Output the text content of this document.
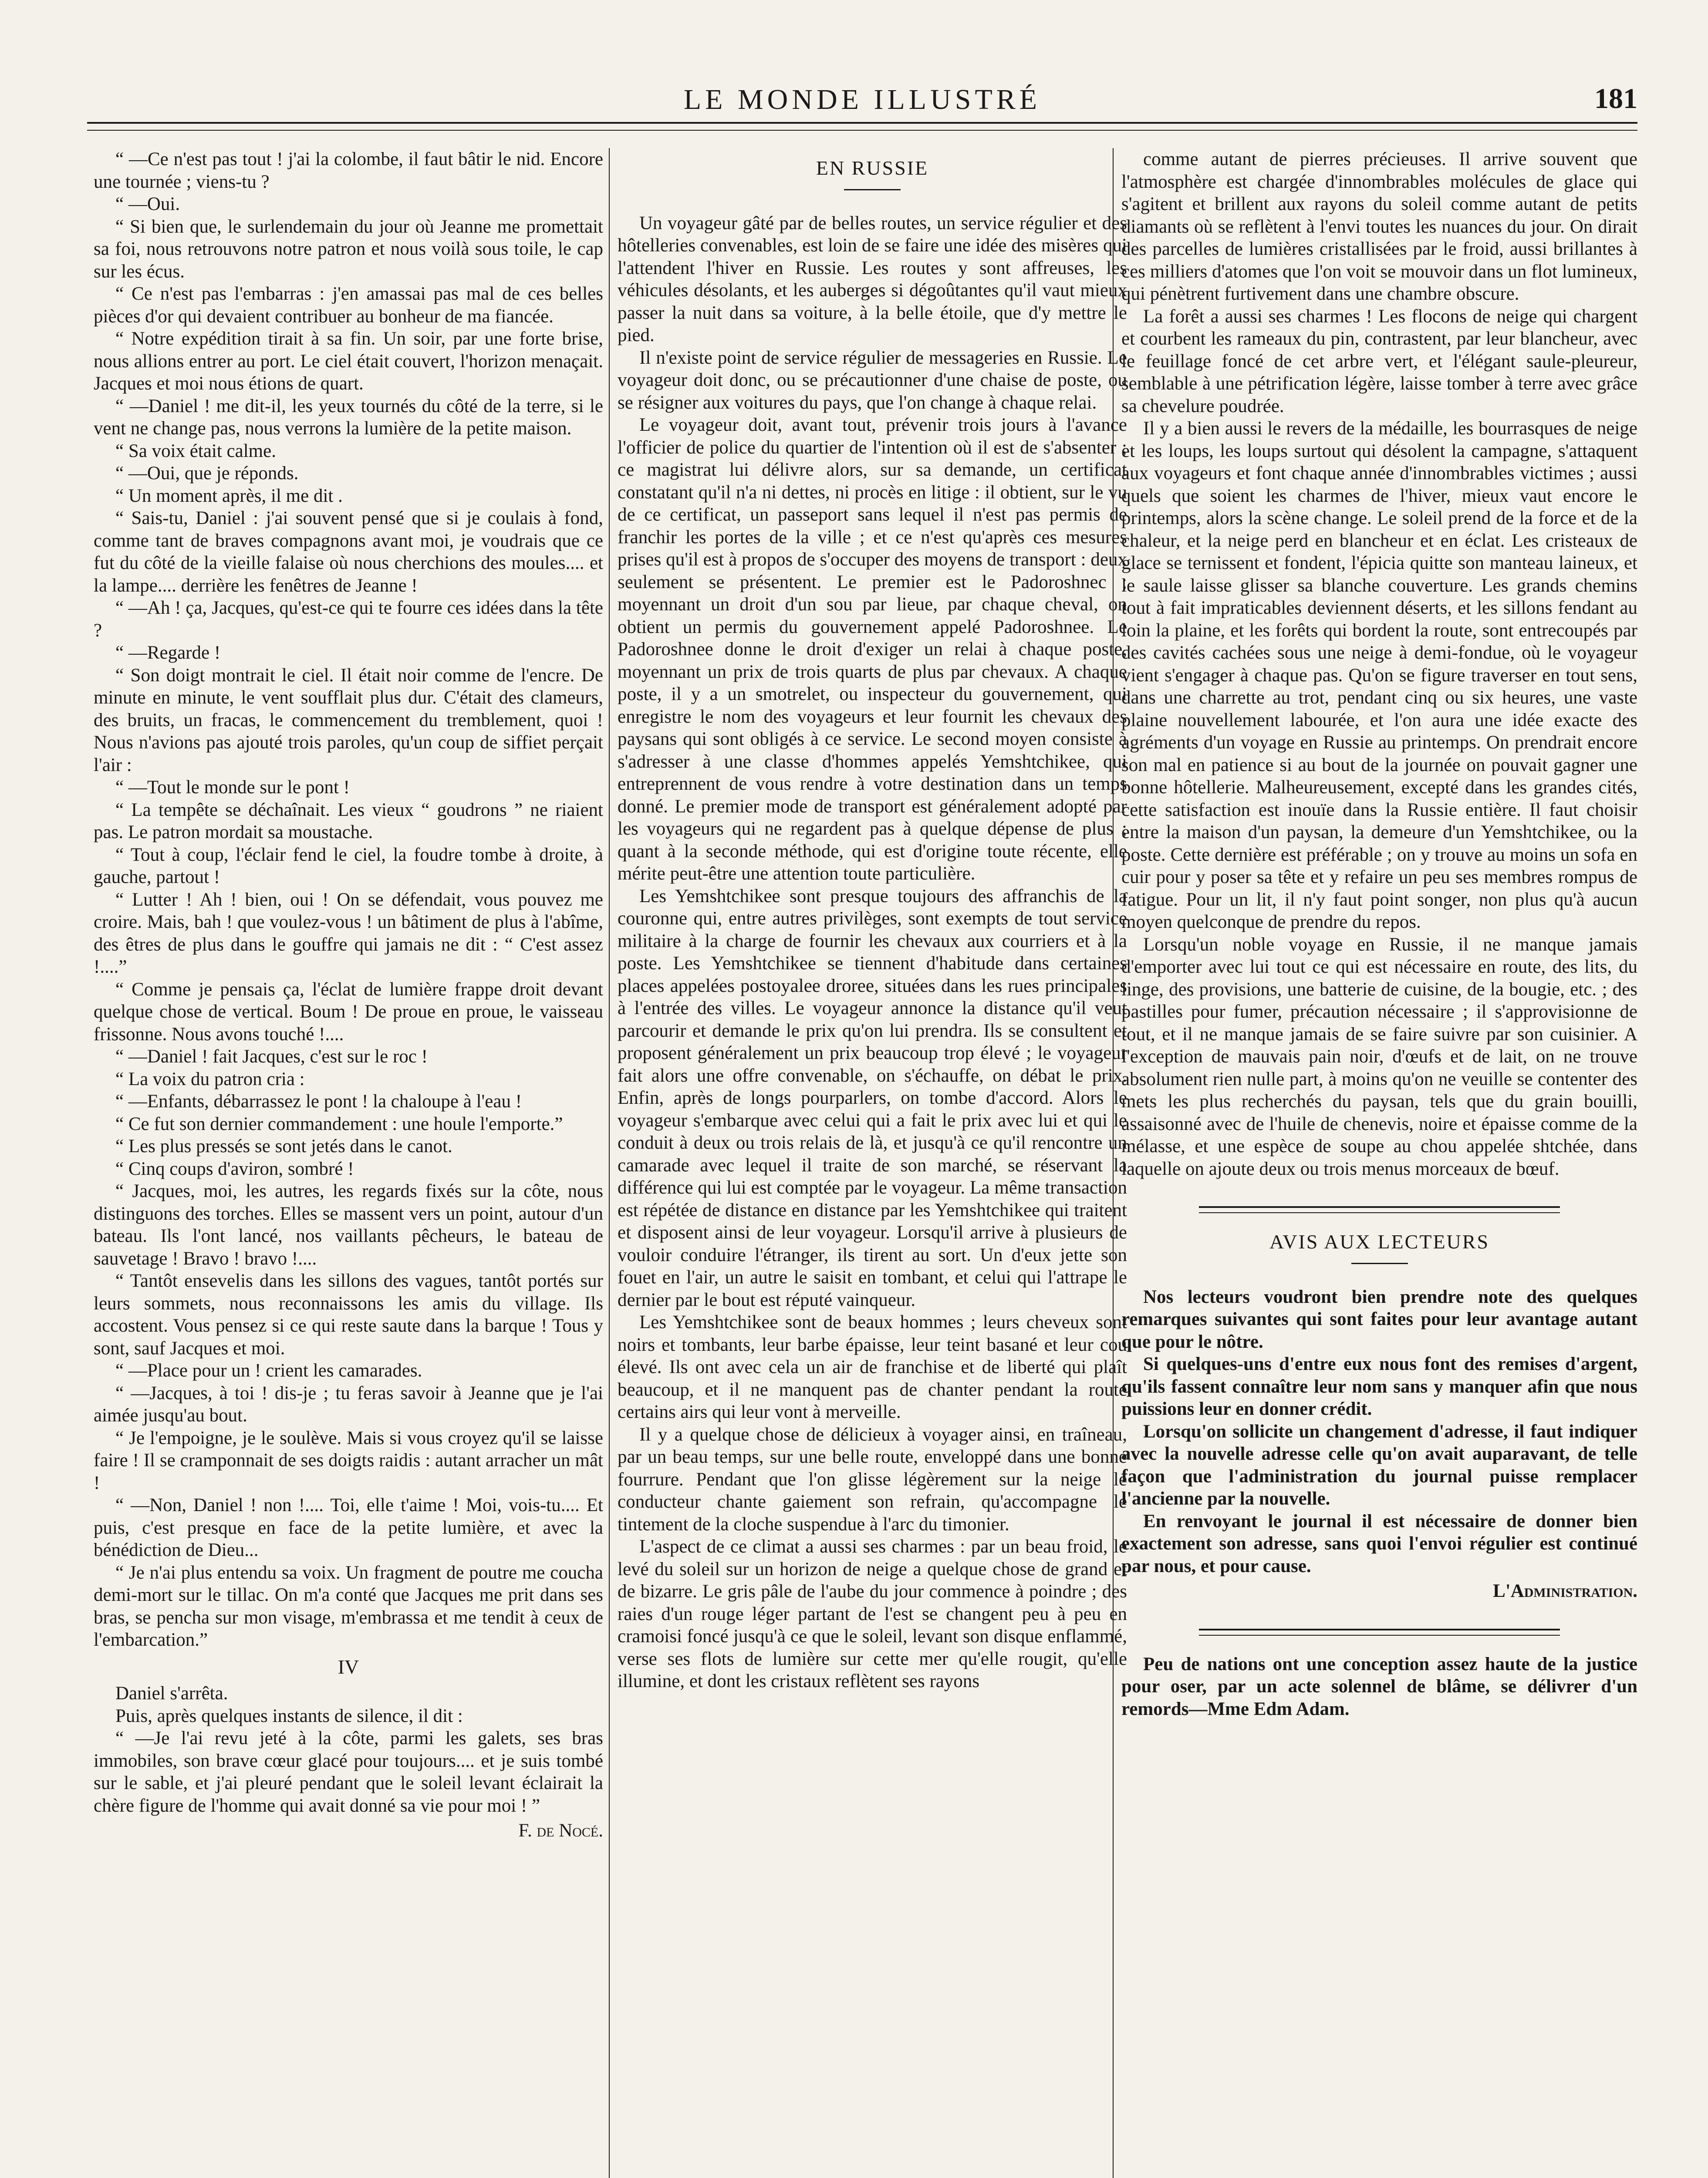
LE MONDE ILLUSTRÉ	181

“ —Ce n'est pas tout ! j'ai la colombe, il faut bâtir le nid. Encore une tournée ; viens-tu ?

“ —Oui.

“ Si bien que, le surlendemain du jour où Jeanne me promettait sa foi, nous retrouvons notre patron et nous voilà sous toile, le cap sur les écus.

“ Ce n'est pas l'embarras : j'en amassai pas mal de ces belles pièces d'or qui devaient contribuer au bonheur de ma fiancée.

“ Notre expédition tirait à sa fin. Un soir, par une forte brise, nous allions entrer au port. Le ciel était couvert, l'horizon menaçait. Jacques et moi nous étions de quart.

“ —Daniel ! me dit-il, les yeux tournés du côté de la terre, si le vent ne change pas, nous verrons la lumière de la petite maison.

“ Sa voix était calme.

“ —Oui, que je réponds.

“ Un moment après, il me dit .

“ Sais-tu, Daniel : j'ai souvent pensé que si je coulais à fond, comme tant de braves compagnons avant moi, je voudrais que ce fut du côté de la vieille falaise où nous cherchions des moules.... et la lampe.... derrière les fenêtres de Jeanne !

“ —Ah ! ça, Jacques, qu'est-ce qui te fourre ces idées dans la tête ?

“ —Regarde !

“ Son doigt montrait le ciel. Il était noir comme de l'encre. De minute en minute, le vent soufflait plus dur. C'était des clameurs, des bruits, un fracas, le commencement du tremblement, quoi ! Nous n'avions pas ajouté trois paroles, qu'un coup de siffiet perçait l'air :

“ —Tout le monde sur le pont !

“ La tempête se déchaînait. Les vieux “ goudrons ” ne riaient pas. Le patron mordait sa moustache.

“ Tout à coup, l'éclair fend le ciel, la foudre tombe à droite, à gauche, partout !

“ Lutter ! Ah ! bien, oui ! On se défendait, vous pouvez me croire. Mais, bah ! que voulez-vous ! un bâtiment de plus à l'abîme, des êtres de plus dans le gouffre qui jamais ne dit : “ C'est assez !....”

“ Comme je pensais ça, l'éclat de lumière frappe droit devant quelque chose de vertical. Boum ! De proue en proue, le vaisseau frissonne. Nous avons touché !....

“ —Daniel ! fait Jacques, c'est sur le roc !

“ La voix du patron cria :

“ —Enfants, débarrassez le pont ! la chaloupe à l'eau !

“ Ce fut son dernier commandement : une houle l'emporte.”

“ Les plus pressés se sont jetés dans le canot.

“ Cinq coups d'aviron, sombré !

“ Jacques, moi, les autres, les regards fixés sur la côte, nous distinguons des torches. Elles se massent vers un point, autour d'un bateau. Ils l'ont lancé, nos vaillants pêcheurs, le bateau de sauvetage ! Bravo ! bravo !....

“ Tantôt ensevelis dans les sillons des vagues, tantôt portés sur leurs sommets, nous reconnaissons les amis du village. Ils accostent. Vous pensez si ce qui reste saute dans la barque ! Tous y sont, sauf Jacques et moi.

“ —Place pour un ! crient les camarades.

“ —Jacques, à toi ! dis-je ; tu feras savoir à Jeanne que je l'ai aimée jusqu'au bout.

“ Je l'empoigne, je le soulève. Mais si vous croyez qu'il se laisse faire ! Il se cramponnait de ses doigts raidis : autant arracher un mât !

“ —Non, Daniel ! non !.... Toi, elle t'aime ! Moi, vois-tu.... Et puis, c'est presque en face de la petite lumière, et avec la bénédiction de Dieu...

“ Je n'ai plus entendu sa voix. Un fragment de poutre me coucha demi-mort sur le tillac. On m'a conté que Jacques me prit dans ses bras, se pencha sur mon visage, m'embrassa et me tendit à ceux de l'embarcation.”

IV

Daniel s'arrêta.

Puis, après quelques instants de silence, il dit :

“ —Je l'ai revu jeté à la côte, parmi les galets, ses bras immobiles, son brave cœur glacé pour toujours.... et je suis tombé sur le sable, et j'ai pleuré pendant que le soleil levant éclairait la chère figure de l'homme qui avait donné sa vie pour moi ! ”

F. de Nocé.
EN RUSSIE

Un voyageur gâté par de belles routes, un service régulier et des hôtelleries convenables, est loin de se faire une idée des misères qui l'attendent l'hiver en Russie. Les routes y sont affreuses, les véhicules désolants, et les auberges si dégoûtantes qu'il vaut mieux passer la nuit dans sa voiture, à la belle étoile, que d'y mettre le pied.

Il n'existe point de service régulier de messageries en Russie. Le voyageur doit donc, ou se précautionner d'une chaise de poste, ou se résigner aux voitures du pays, que l'on change à chaque relai.

Le voyageur doit, avant tout, prévenir trois jours à l'avance l'officier de police du quartier de l'intention où il est de s'absenter ; ce magistrat lui délivre alors, sur sa demande, un certificat constatant qu'il n'a ni dettes, ni procès en litige : il obtient, sur le vu de ce certificat, un passeport sans lequel il n'est pas permis de franchir les portes de la ville ; et ce n'est qu'après ces mesures prises qu'il est à propos de s'occuper des moyens de transport : deux seulement se présentent. Le premier est le Padoroshnec ; moyennant un droit d'un sou par lieue, par chaque cheval, on obtient un permis du gouvernement appelé Padoroshnee. Le Padoroshnee donne le droit d'exiger un relai à chaque poste, moyennant un prix de trois quarts de plus par chevaux. A chaque poste, il y a un smotrelet, ou inspecteur du gouvernement, qui enregistre le nom des voyageurs et leur fournit les chevaux des paysans qui sont obligés à ce service. Le second moyen consiste à s'adresser à une classe d'hommes appelés Yemshtchikee, qui entreprennent de vous rendre à votre destination dans un temps donné. Le premier mode de transport est généralement adopté par les voyageurs qui ne regardent pas à quelque dépense de plus ; quant à la seconde méthode, qui est d'origine toute récente, elle mérite peut-être une attention toute particulière.

Les Yemshtchikee sont presque toujours des affranchis de la couronne qui, entre autres privilèges, sont exempts de tout service militaire à la charge de fournir les chevaux aux courriers et à la poste. Les Yemshtchikee se tiennent d'habitude dans certaines places appelées postoyalee droree, situées dans les rues principales à l'entrée des villes. Le voyageur annonce la distance qu'il veut parcourir et demande le prix qu'on lui prendra. Ils se consultent et proposent généralement un prix beaucoup trop élevé ; le voyageur fait alors une offre convenable, on s'échauffe, on débat le prix. Enfin, après de longs pourparlers, on tombe d'accord. Alors le voyageur s'embarque avec celui qui a fait le prix avec lui et qui le conduit à deux ou trois relais de là, et jusqu'à ce qu'il rencontre un camarade avec lequel il traite de son marché, se réservant la différence qui lui est comptée par le voyageur. La même transaction est répétée de distance en distance par les Yemshtchikee qui traitent et disposent ainsi de leur voyageur. Lorsqu'il arrive à plusieurs de vouloir conduire l'étranger, ils tirent au sort. Un d'eux jette son fouet en l'air, un autre le saisit en tombant, et celui qui l'attrape le dernier par le bout est réputé vainqueur.

Les Yemshtchikee sont de beaux hommes ; leurs cheveux sont noirs et tombants, leur barbe épaisse, leur teint basané et leur cou élevé. Ils ont avec cela un air de franchise et de liberté qui plaît beaucoup, et il ne manquent pas de chanter pendant la route certains airs qui leur vont à merveille.

Il y a quelque chose de délicieux à voyager ainsi, en traîneau, par un beau temps, sur une belle route, enveloppé dans une bonne fourrure. Pendant que l'on glisse légèrement sur la neige le conducteur chante gaiement son refrain, qu'accompagne le tintement de la cloche suspendue à l'arc du timonier.

L'aspect de ce climat a aussi ses charmes : par un beau froid, le levé du soleil sur un horizon de neige a quelque chose de grand et de bizarre. Le gris pâle de l'aube du jour commence à poindre ; des raies d'un rouge léger partant de l'est se changent peu à peu en cramoisi foncé jusqu'à ce que le soleil, levant son disque enflammé, verse ses flots de lumière sur cette mer qu'elle rougit, qu'elle illumine, et dont les cristaux reflètent ses rayons

comme autant de pierres précieuses. Il arrive souvent que l'atmosphère est chargée d'innombrables molécules de glace qui s'agitent et brillent aux rayons du soleil comme autant de petits diamants où se reflètent à l'envi toutes les nuances du jour. On dirait des parcelles de lumières cristallisées par le froid, aussi brillantes à ces milliers d'atomes que l'on voit se mouvoir dans un flot lumineux, qui pénètrent furtivement dans une chambre obscure.

La forêt a aussi ses charmes ! Les flocons de neige qui chargent et courbent les rameaux du pin, contrastent, par leur blancheur, avec le feuillage foncé de cet arbre vert, et l'élégant saule-pleureur, semblable à une pétrification légère, laisse tomber à terre avec grâce sa chevelure poudrée.

Il y a bien aussi le revers de la médaille, les bourrasques de neige et les loups, les loups surtout qui désolent la campagne, s'attaquent aux voyageurs et font chaque année d'innombrables victimes ; aussi quels que soient les charmes de l'hiver, mieux vaut encore le printemps, alors la scène change. Le soleil prend de la force et de la chaleur, et la neige perd en blancheur et en éclat. Les cristeaux de glace se ternissent et fondent, l'épicia quitte son manteau laineux, et le saule laisse glisser sa blanche couverture. Les grands chemins tout à fait impraticables deviennent déserts, et les sillons fendant au loin la plaine, et les forêts qui bordent la route, sont entrecoupés par des cavités cachées sous une neige à demi-fondue, où le voyageur vient s'engager à chaque pas. Qu'on se figure traverser en tout sens, dans une charrette au trot, pendant cinq ou six heures, une vaste plaine nouvellement labourée, et l'on aura une idée exacte des agréments d'un voyage en Russie au printemps. On prendrait encore son mal en patience si au bout de la journée on pouvait gagner une bonne hôtellerie. Malheureusement, excepté dans les grandes cités, cette satisfaction est inouïe dans la Russie entière. Il faut choisir entre la maison d'un paysan, la demeure d'un Yemshtchikee, ou la poste. Cette dernière est préférable ; on y trouve au moins un sofa en cuir pour y poser sa tête et y refaire un peu ses membres rompus de fatigue. Pour un lit, il n'y faut point songer, non plus qu'à aucun moyen quelconque de prendre du repos.

Lorsqu'un noble voyage en Russie, il ne manque jamais d'emporter avec lui tout ce qui est nécessaire en route, des lits, du linge, des provisions, une batterie de cuisine, de la bougie, etc. ; des pastilles pour fumer, précaution nécessaire ; il s'approvisionne de tout, et il ne manque jamais de se faire suivre par son cuisinier. A l'exception de mauvais pain noir, d'œufs et de lait, on ne trouve absolument rien nulle part, à moins qu'on ne veuille se contenter des mets les plus recherchés du paysan, tels que du grain bouilli, assaisonné avec de l'huile de chenevis, noire et épaisse comme de la mélasse, et une espèce de soupe au chou appelée shtchée, dans laquelle on ajoute deux ou trois menus morceaux de bœuf.

AVIS AUX LECTEURS

Nos lecteurs voudront bien prendre note des quelques remarques suivantes qui sont faites pour leur avantage autant que pour le nôtre.

Si quelques-uns d'entre eux nous font des remises d'argent, qu'ils fassent connaître leur nom sans y manquer afin que nous puissions leur en donner crédit.

Lorsqu'on sollicite un changement d'adresse, il faut indiquer avec la nouvelle adresse celle qu'on avait auparavant, de telle façon que l'administration du journal puisse remplacer l'ancienne par la nouvelle.

En renvoyant le journal il est nécessaire de donner bien exactement son adresse, sans quoi l'envoi régulier est continué par nous, et pour cause.

L'Administration.

Peu de nations ont une conception assez haute de la justice pour oser, par un acte solennel de blâme, se délivrer d'un remords—Mme Edm Adam.
